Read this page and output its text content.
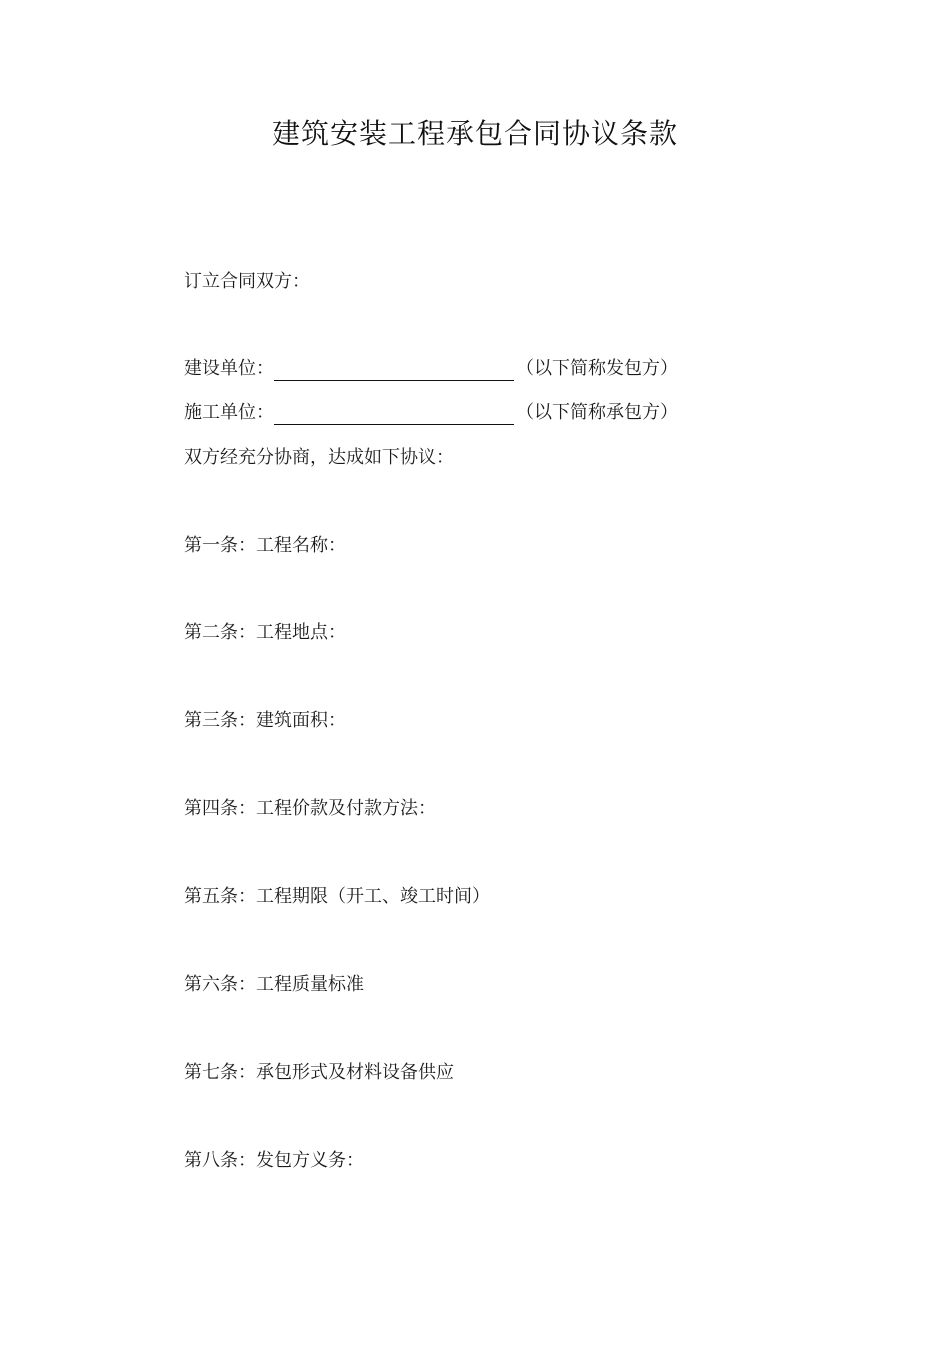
建筑安装工程承包合同协议条款
订立合同双方：
建设单位：	（以下简称发包方）
施工单位：	（以下简称承包方）
双方经充分协商，达成如下协议：
第一条：工程名称：
第二条：工程地点：
第三条：建筑面积：
第四条：工程价款及付款方法：
第五条：工程期限（开工、竣工时间）
第六条：工程质量标准
第七条：承包形式及材料设备供应
第八条：发包方义务：
